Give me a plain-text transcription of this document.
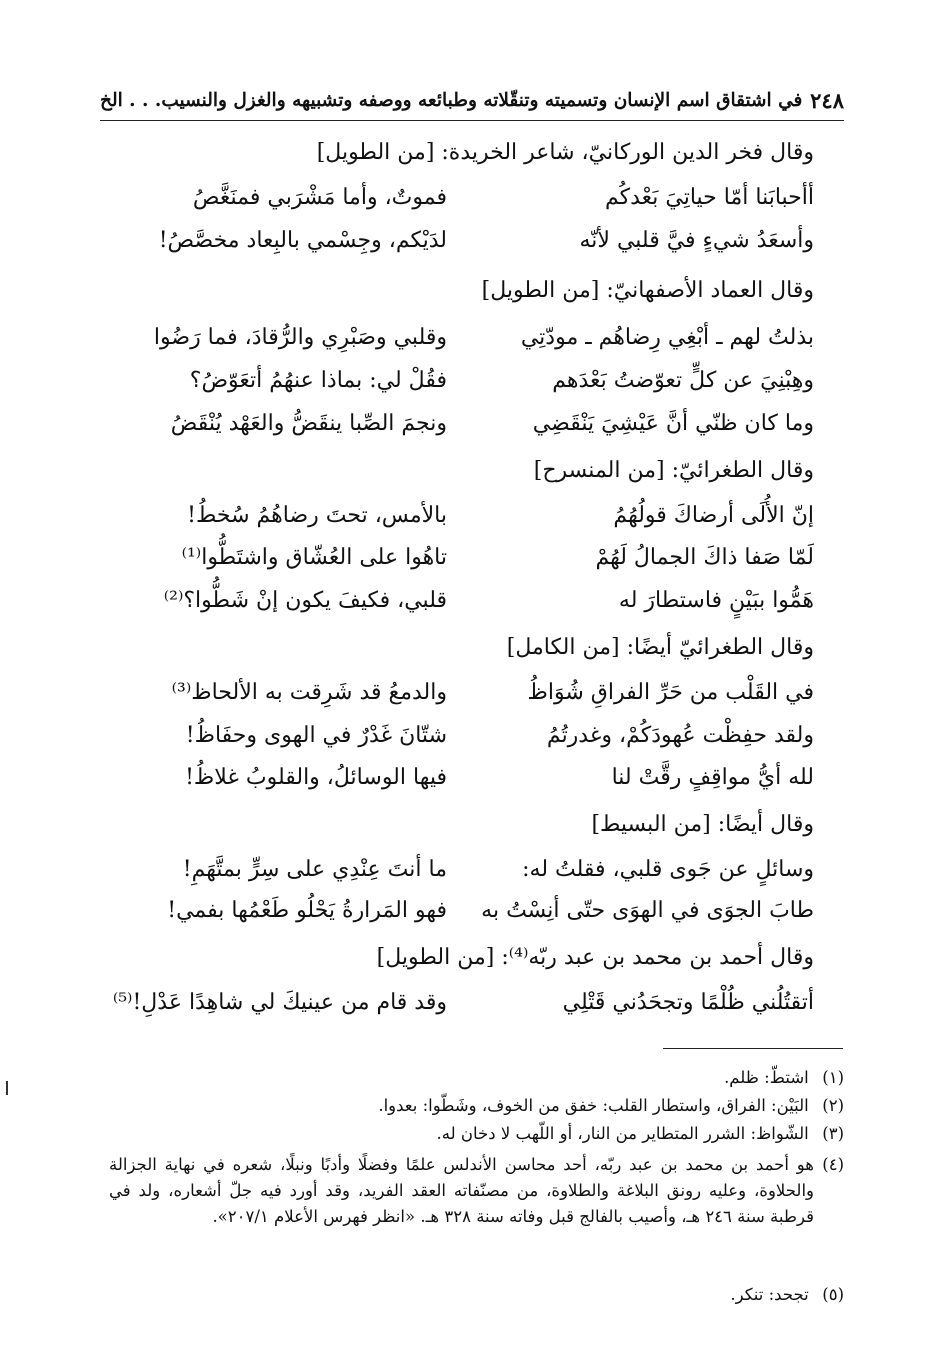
٢٤٨
في اشتقاق اسم الإنسان وتسميته وتنقّلاته وطبائعه ووصفه وتشبيهه والغزل والنسيب. . . الخ
وقال فخر الدين الوركانيّ، شاعر الخريدة: [من الطويل]
أأحبابَنا أمّا حياتِيَ بَعْدكُم
فموتٌ، وأما مَشْرَبي فمنَغَّصُ
وأسعَدُ شيءٍ فيَّ قلبي لأنّه
لدَيْكم، وجِسْمي بالبِعاد مخصَّصُ!
وقال العماد الأصفهانيّ: [من الطويل]
بذلتُ لهم ـ أبْغِي رِضاهُم ـ مودّتِي
وقلبي وصَبْرِي والرُّقادَ، فما رَضُوا
وهِبْنِيَ عن كلٍّ تعوّضتُ بَعْدَهم
فقُلْ لي: بماذا عنهُمُ أتعَوّضُ؟
وما كان ظنّي أنَّ عَيْشِيَ يَنْقَضِي
ونجمَ الصِّبا ينقَضُّ والعَهْد يُنْقَضُ
وقال الطغرائيّ: [من المنسرح]
إنّ الأُلَى أرضاكَ قولُهُمُ
بالأمس، تحتَ رضاهُمُ سُخطُ!
لَمّا صَفا ذاكَ الجمالُ لَهُمْ
تاهُوا على العُشّاق واشتَطُّوا⁽¹⁾
هَمُّوا ببَيْنٍ فاستطارَ له
قلبي، فكيفَ يكون إنْ شَطُّوا؟⁽²⁾
وقال الطغرائيّ أيضًا: [من الكامل]
في القَلْب من حَرِّ الفراقِ شُوَاظُ
والدمعُ قد شَرِقت به الألحاظ⁽³⁾
ولقد حفِظْت عُهودَكُمْ، وغدرتُمُ
شتّانَ غَدْرٌ في الهوى وحفَاظُ!
لله أيُّ مواقِفٍ رقَّتْ لنا
فيها الوسائلُ، والقلوبُ غلاظُ!
وقال أيضًا: [من البسيط]
وسائلٍ عن جَوى قلبي، فقلتُ له:
ما أنتَ عِنْدِي على سِرٍّ بمتَّهَمِ!
طابَ الجوَى في الهوَى حتّى أنِسْتُ به
فهو المَرارةُ يَحْلُو طَعْمُها بفمي!
وقال أحمد بن محمد بن عبد ربّه⁽⁴⁾: [من الطويل]
أتقتُلُني ظُلْمًا وتجحَدُني قَتْلِي
وقد قام من عينيكَ لي شاهِدًا عَدْلِ!⁽⁵⁾
(١) اشتطّ: ظلم.
(٢) البَيْن: الفراق، واستطار القلب: خفق من الخوف، وشَطّوا: بعدوا.
(٣) الشّواظ: الشرر المتطاير من النار، أو اللّهب لا دخان له.
(٤)
هو أحمد بن محمد بن عبد ربّه، أحد محاسن الأندلس علمًا وفضلًا وأدبًا ونبلًا، شعره في نهاية الجزالة والحلاوة، وعليه رونق البلاغة والطلاوة، من مصنّفاته العقد الفريد، وقد أورد فيه جلّ أشعاره، ولد في قرطبة سنة ٢٤٦ هـ، وأصيب بالفالج قبل وفاته سنة ٣٢٨ هـ. «انظر فهرس الأعلام ٢٠٧/١».
(٥) تجحد: تنكر.
